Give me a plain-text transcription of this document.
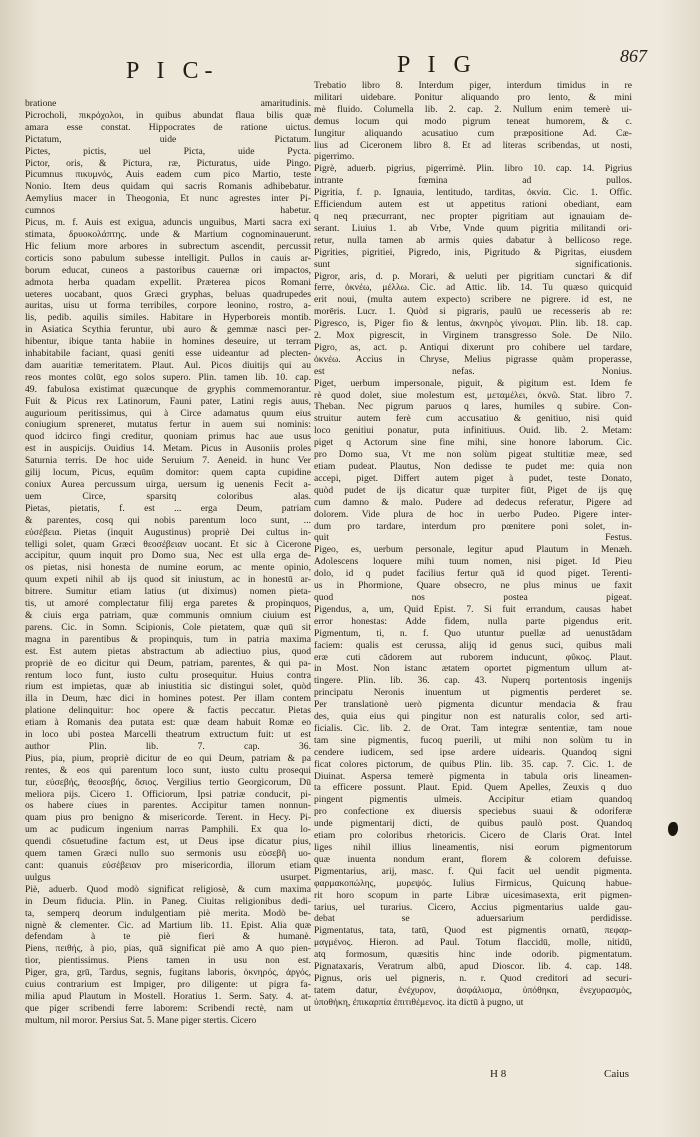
P I C-	P I G	867
bratione amaritudinis.
Picrocholi, πικρόχολοι, in quibus abundat flaua bilis quæ
amara esse constat. Hippocrates de ratione uictus.
Pictatum, uide Pictatum.
Pictes, pictis, uel Picta, uide Pycta.
Pictor, oris, & Pictura, ræ, Picturatus, uide Pingo.
Picumnus πικυμνός, Auis eadem cum pico Martio, teste
Nonio. Item deus quidam qui sacris Romanis adhibebatur.
Aemylius macer in Theogonia, Et nunc agrestes inter Pi-
cumnos habetur.
Picus, m. f. Auis est exigua, aduncis unguibus, Marti sacra exi
stimata, δρυοκολάπτης. unde & Martium cognominauerunt.
Hic felium more arbores in subrectum ascendit, percussit
corticis sono pabulum subesse intelligit. Pullos in cauis ar-
borum educat, cuneos a pastoribus cauernæ ori impactos,
admota herba quadam expellit. Præterea picos Romani
ueteres uocabant, quos Græci gryphas, beluas quadrupedes
auritas, uisu ut forma terribiles, corpore leonino, rostro, a-
lis, pedib. aquilis similes. Habitare in Hyperboreis montib.
in Asiatica Scythia feruntur, ubi auro & gemmæ nasci per-
hibentur, ibique tanta habiie in homines deseuire, ut terram
inhabitabile faciant, quasi geniti esse uideantur ad plecten-
dam auaritiæ temeritatem. Plaut. Aul. Picos diuitijs qui au
reos montes colūt, ego solos supero. Plin. tamen lib. 10. cap.
49. fabulosa existimat quæcunque de gryphis commemorantur.
Fuit & Picus rex Latinorum, Fauni pater, Latini regis auus,
augurioum peritissimus, qui à Circe adamatus quum eius
coniugium spreneret, mutatus fertur in auem sui nominis:
quod idcirco fingi creditur, quoniam primus hac aue usus
est in auspicijs. Ouidius 14. Metam. Picus in Ausoniis proles
Saturnia terris. De hoc uide Seruium 7. Aeneid. in hunc Ver
gilij locum, Picus, equūm domitor: quem capta cupidine
coniux Aurea percussum uirga, uersum ig uenenis Fecit a-
uem Circe, sparsitq coloribus alas.
Pietas, pietatis, f. est ... erga Deum, patriam
& parentes, cosq qui nobis parentum loco sunt, ...
εὐσέβεια. Pietas (inquit Augustinus) propriè Dei cultus in-
telligi solet, quam Græci θεοσέβειαν uocant. Et sic à Cicerone
accipitur, quum inquit pro Domo sua, Nec est ulla erga de-
os pietas, nisi honesta de numine eorum, ac mente opinio,
quum expeti nihil ab ijs quod sit iniustum, ac in honestū ar-
bitrere. Sumitur etiam latius (ut diximus) nomen pieta-
tis, ut amoré complectatur filij erga paretes & propinquos,
& ciuis erga patriam, quæ communis omnium ciuium est
parens. Cic. in Somn. Scipionis, Cole pietatem, quæ quū sit
magna in parentibus & propinquis, tum in patria maxima
est. Est autem pietas abstractum ab adiectiuo pius, quod
propriè de eo dicitur qui Deum, patriam, parentes, & qui pa-
rentum loco funt, iusto cultu prosequitur. Huius contra
rium est impietas, quæ ab iniustitia sic distingui solet, quòd
illa in Deum, hæc dici in homines potest. Per illam contem
platione delinquitur: hoc opere & factis peccatur. Pietas
etiam à Romanis dea putata est: quæ deam habuit Romæ eo
in loco ubi postea Marcelli theatrum extructum fuit: ut est
author Plin. lib. 7. cap. 36.
Pius, pia, pium, propriè dicitur de eo qui Deum, patriam & pa
rentes, & eos qui parentum loco sunt, iusto cultu prosequi
tur, εὐσεβής, θεοσεβής, ὅσιος. Vergilius tertio Georgicorum, Dū
meliora pijs. Cicero 1. Officiorum, Ipsi patriæ conducit, pi-
os habere ciues in parentes. Accipitur tamen nonnun-
quam pius pro benigno & misericorde. Terent. in Hecy. Pi-
um ac pudicum ingenium narras Pamphili. Ex qua lo-
quendi cōsuetudine factum est, ut Deus ipse dicatur pius,
quem tamen Græci nullo suo sermonis usu εὐσεβῆ uo-
cant: quanuis εὐσέβειαν pro misericordia, illorum etiam
uulgus usurpet.
Piè, aduerb. Quod modò significat religiosè, & cum maxima
in Deum fiducia. Plin. in Paneg. Ciuitas religionibus dedi-
ta, semperq deorum indulgentiam piè merita. Modò be-
nignè & clementer. Cic. ad Martium lib. 11. Epist. Alia quæ
defendam à te piè fieri & humanè.
Piens, πειθής, à pio, pias, quā significat piè amo A quo pien-
tior, pientissimus. Piens tamen in usu non est.
Piger, gra, grū, Tardus, segnis, fugitans laboris, ὀκνηρός, ἀργός,
cuius contrarium est Impiger, pro diligente: ut pigra fa-
milia apud Plautum in Mostell. Horatius 1. Serm. Saty. 4. at-
que piger scribendi ferre laborem: Scribendi rectè, nam ut
multum, nil moror. Persius Sat. 5. Mane piger stertis. Cicero
Trebatio libro 8. Interdum piger, interdum timidus in re
militari uidebare. Ponitur aliquando pro lento, & mini
mè fluido. Columella lib. 2. cap. 2. Nullum enim temerè ui-
demus locum qui modo pigrum teneat humorem, & c.
Iungitur aliquando acusatiuo cum præpositione Ad. Cæ-
lius ad Ciceronem libro 8. Et ad literas scribendas, ut nosti,
pigerrimo.
Pigrè, aduerb. pigrius, pigerrimè. Plin. libro 10. cap. 14. Pigrius
intrante fœmina ad pullos.
Pigritia, f. p. Ignauia, lentitudo, tarditas, ὀκνία. Cic. 1. Offic.
Efficiendum autem est ut appetitus rationi obediant, eam
q neq præcurrant, nec propter pigritiam aut ignauiam de-
serant. Liuius 1. ab Vrbe, Vnde quum pigritia militandi ori-
retur, nulla tamen ab armis quies dabatur à bellicoso rege.
Pigrities, pigritiei, Pigredo, inis, Pigritudo & Pigritas, eiusdem
sunt significationis.
Pigror, aris, d. p. Morari, & ueluti per pigritiam cunctari & dif
ferre, ὀκνέω, μέλλω. Cic. ad Attic. lib. 14. Tu quæso quicquid
erit noui, (multa autem expecto) scribere ne pigrere. id est, ne
morēris. Lucr. 1. Quòd si pigraris, paulū ue recesseris ab re:
Pigresco, is, Piger fio & lentus, ἀκνηρὸς γίνομαι. Plin. lib. 18. cap.
2. Mox pigrescit, in Virginem transgresso Sole. De Nilo.
Pigro, as, act. p. Antiqui dixerunt pro cohibere uel tardare,
ὀκνέω. Accius in Chryse, Melius pigrasse quàm properasse,
est nefas. Nonius.
Piget, uerbum impersonale, piguit, & pigitum est. Idem fe
rè quod dolet, siue molestum est, μεταμέλει, ὀκνῶ. Stat. libro 7.
Theban. Nec pigrum paruos q lares, humiles q subire. Con-
struitur autem ferè cum accusatiuo & genitiuo, nisi quid
loco genitiui ponatur, puta infinitiuus. Ouid. lib. 2. Metam:
piget q Actorum sine fine mihi, sine honore laborum. Cic.
pro Domo sua, Vt me non solùm pigeat stultitiæ meæ, sed
etiam pudeat. Plautus, Non dedisse te pudet me: quia non
accepi, piget. Differt autem piget à pudet, teste Donato,
quòd pudet de ijs dicatur quæ turpiter fiūt, Piget de ijs quę
cum damno & malo. Pudere ad dedecus referatur, Pigere ad
dolorem. Vide plura de hoc in uerbo Pudeo. Pigere inter-
dum pro tardare, interdum pro pœnitere poni solet, in-
quit Festus.
Pigeo, es, uerbum personale, legitur apud Plautum in Menæh.
Adolescens loquere mihi tuum nomen, nisi piget. Id Pieu
dolo, id q pudet facilius fertur quā id quod piget. Terenti-
us in Phormione, Quare obsecro, ne plus minus ue faxit
quod nos postea pigeat.
Pigendus, a, um, Quid Epist. 7. Si fuit errandum, causas habet
error honestas: Adde fidem, nulla parte pigendus erit.
Pigmentum, ti, n. f. Quo utuntur puellæ ad uenustādam
faciem: qualis est cerussa, alijq id genus suci, quibus mali
eræ cuti cādorem aut ruborem inducunt, φῦκος. Plaut.
in Most. Non istanc ætatem oportet pigmentum ullum at-
tingere. Plin. lib. 36. cap. 43. Nuperq portentosis ingenijs
principatu Neronis inuentum ut pigmentis perderet se.
Per translationè uerò pigmenta dicuntur mendacia & frau
des, quia eius qui pingitur non est naturalis color, sed arti-
ficialis. Cic. lib. 2. de Orat. Tam integræ sententiæ, tam noue
tam sine pigmentis, fucoq puerili, ut mihi non solùm tu in
cendere iudicem, sed ipse ardere uidearis. Quandoq signi
ficat colores pictorum, de quibus Plin. lib. 35. cap. 7. Cic. 1. de
Diuinat. Aspersa temerè pigmenta in tabula oris lineamen-
ta efficere possunt. Plaut. Epid. Quem Apelles, Zeuxis q duo
pingent pigmentis ulmeis. Accipitur etiam quandoq
pro confectione ex diuersis speciebus suaui & odoriferæ
unde pigmentarij dicti, de quibus paulò post. Quandoq
etiam pro coloribus rhetoricis. Cicero de Claris Orat. Intel
liges nihil illius lineamentis, nisi eorum pigmentorum
quæ inuenta nondum erant, florem & colorem defuisse.
Pigmentarius, arij, masc. f. Qui facit uel uendit pigmenta.
φαρμακοπώλης, μυρεψός. Iulius Firmicus, Quicunq habue-
rit horo scopum in parte Libræ uicesimasexta, erit pigmen-
tarius, uel turarius. Cicero, Accius pigmentarius ualde gau-
debat se aduersarium perdidisse.
Pigmentatus, tata, tatū, Quod est pigmentis ornatū, πεφαρ-
μαγμένος. Hieron. ad Paul. Totum flaccidū, molle, nitidū,
atq formosum, quæsitis hinc inde odorib. pigmentatum.
Pignataxaris, Veratrum albū, apud Dioscor. lib. 4. cap. 148.
Pignus, oris uel pigneris, n. r. Quod creditori ad securi-
tatem datur, ἐνέχυρον, ἀσφάλισμα, ὑπόθηκα, ἐνεχυρασμὸς,
ὑποθήκη, ἐπικαρπία ἐπιτιθέμενος. ita dictū à pugno, ut
H 8	Caius
